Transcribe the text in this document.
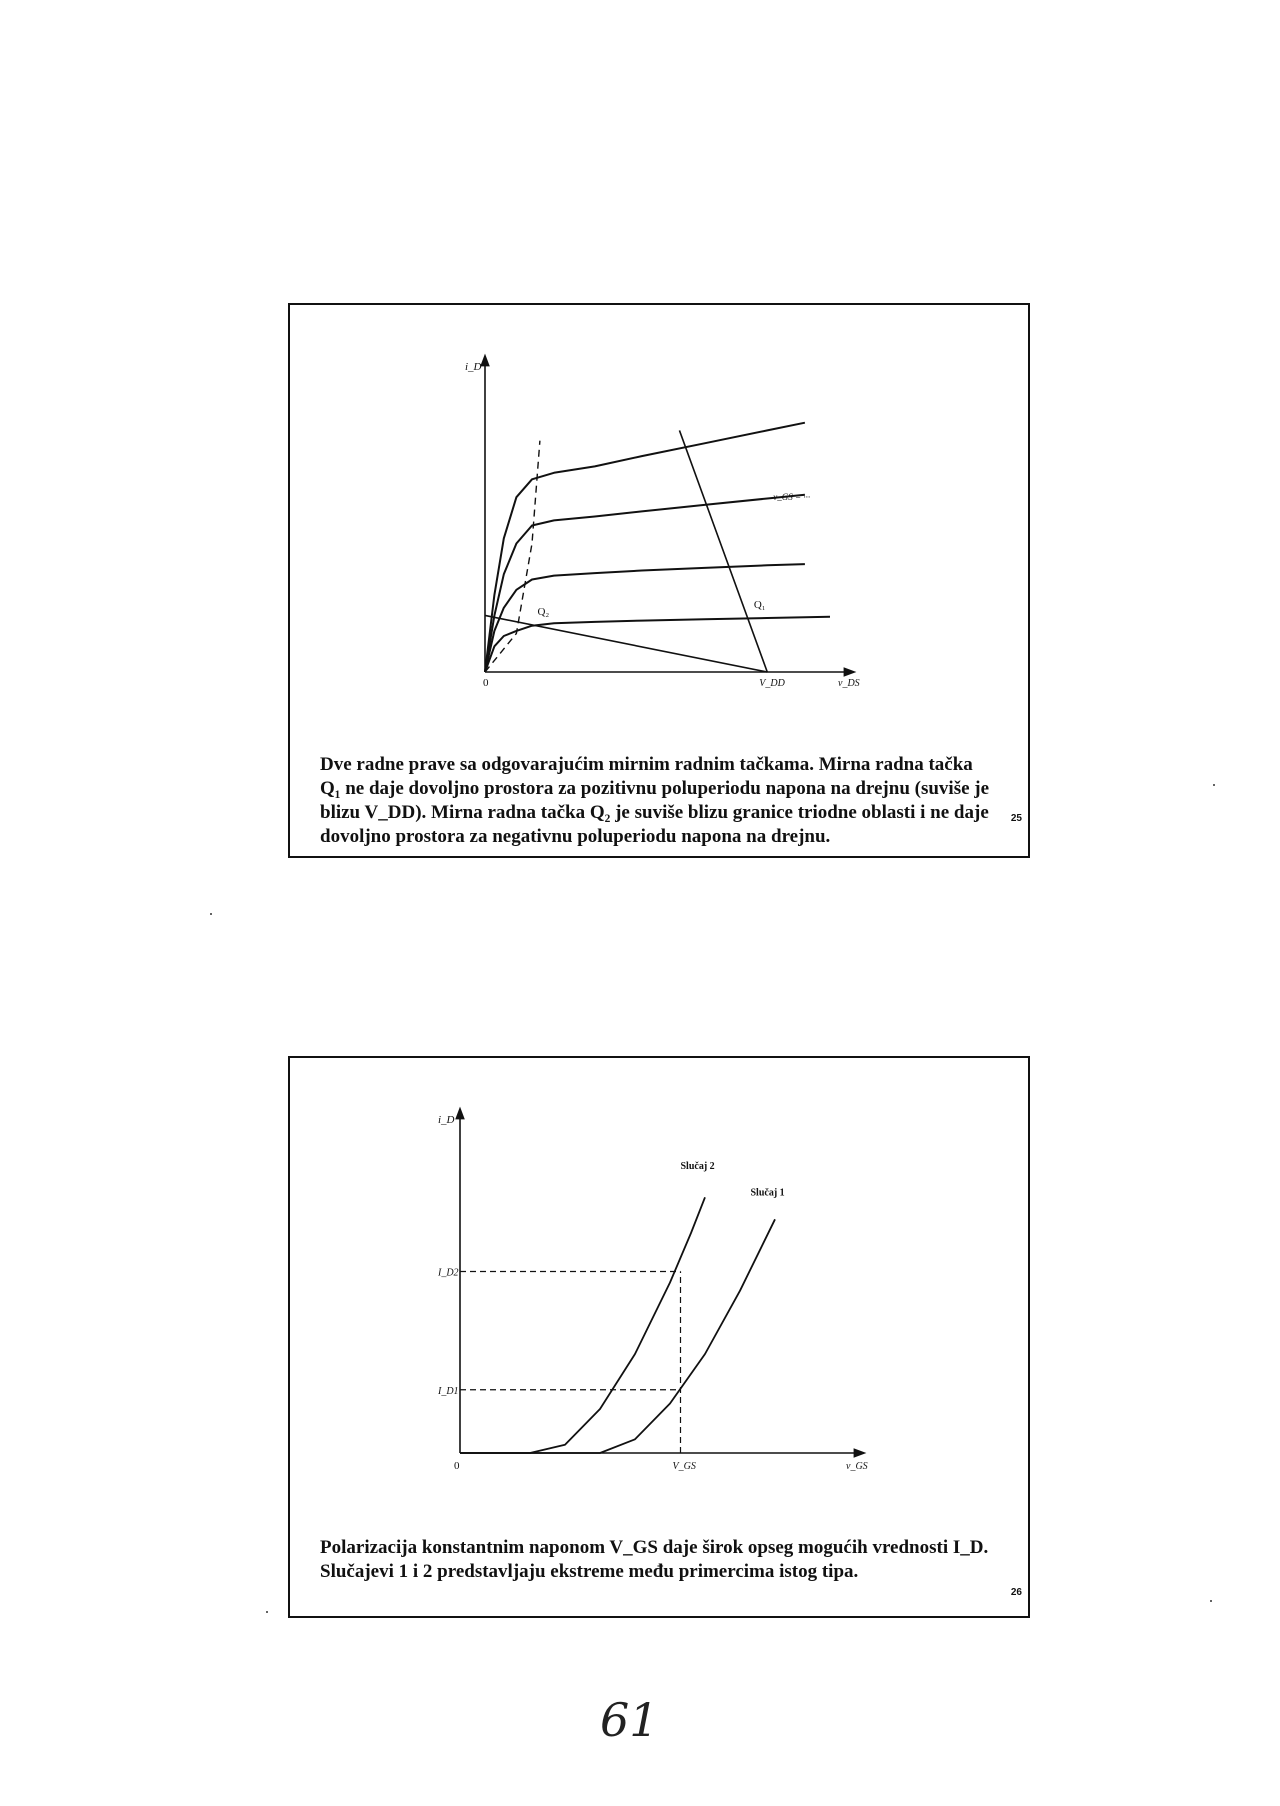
Q₁
Q₂
i_D
0	V_DD	v_DS
v_GS = ···

Dve radne prave sa odgovarajućim mirnim radnim tačkama. Mirna radna tačka Q₁ ne daje dovoljno prostora za pozitivnu poluperiodu napona na drejnu (suviše je blizu V_DD). Mirna radna tačka Q₂ je suviše blizu granice triodne oblasti i ne daje dovoljno prostora za negativnu poluperiodu napona na drejnu.

25
i_D
0
I_D2
I_D1
V_GS	v_GS
Slučaj 2
Slučaj 1

Polarizacija konstantnim naponom V_GS daje širok opseg mogućih vrednosti I_D. Slučajevi 1 i 2 predstavljaju ekstreme među primercima istog tipa.

26
61
